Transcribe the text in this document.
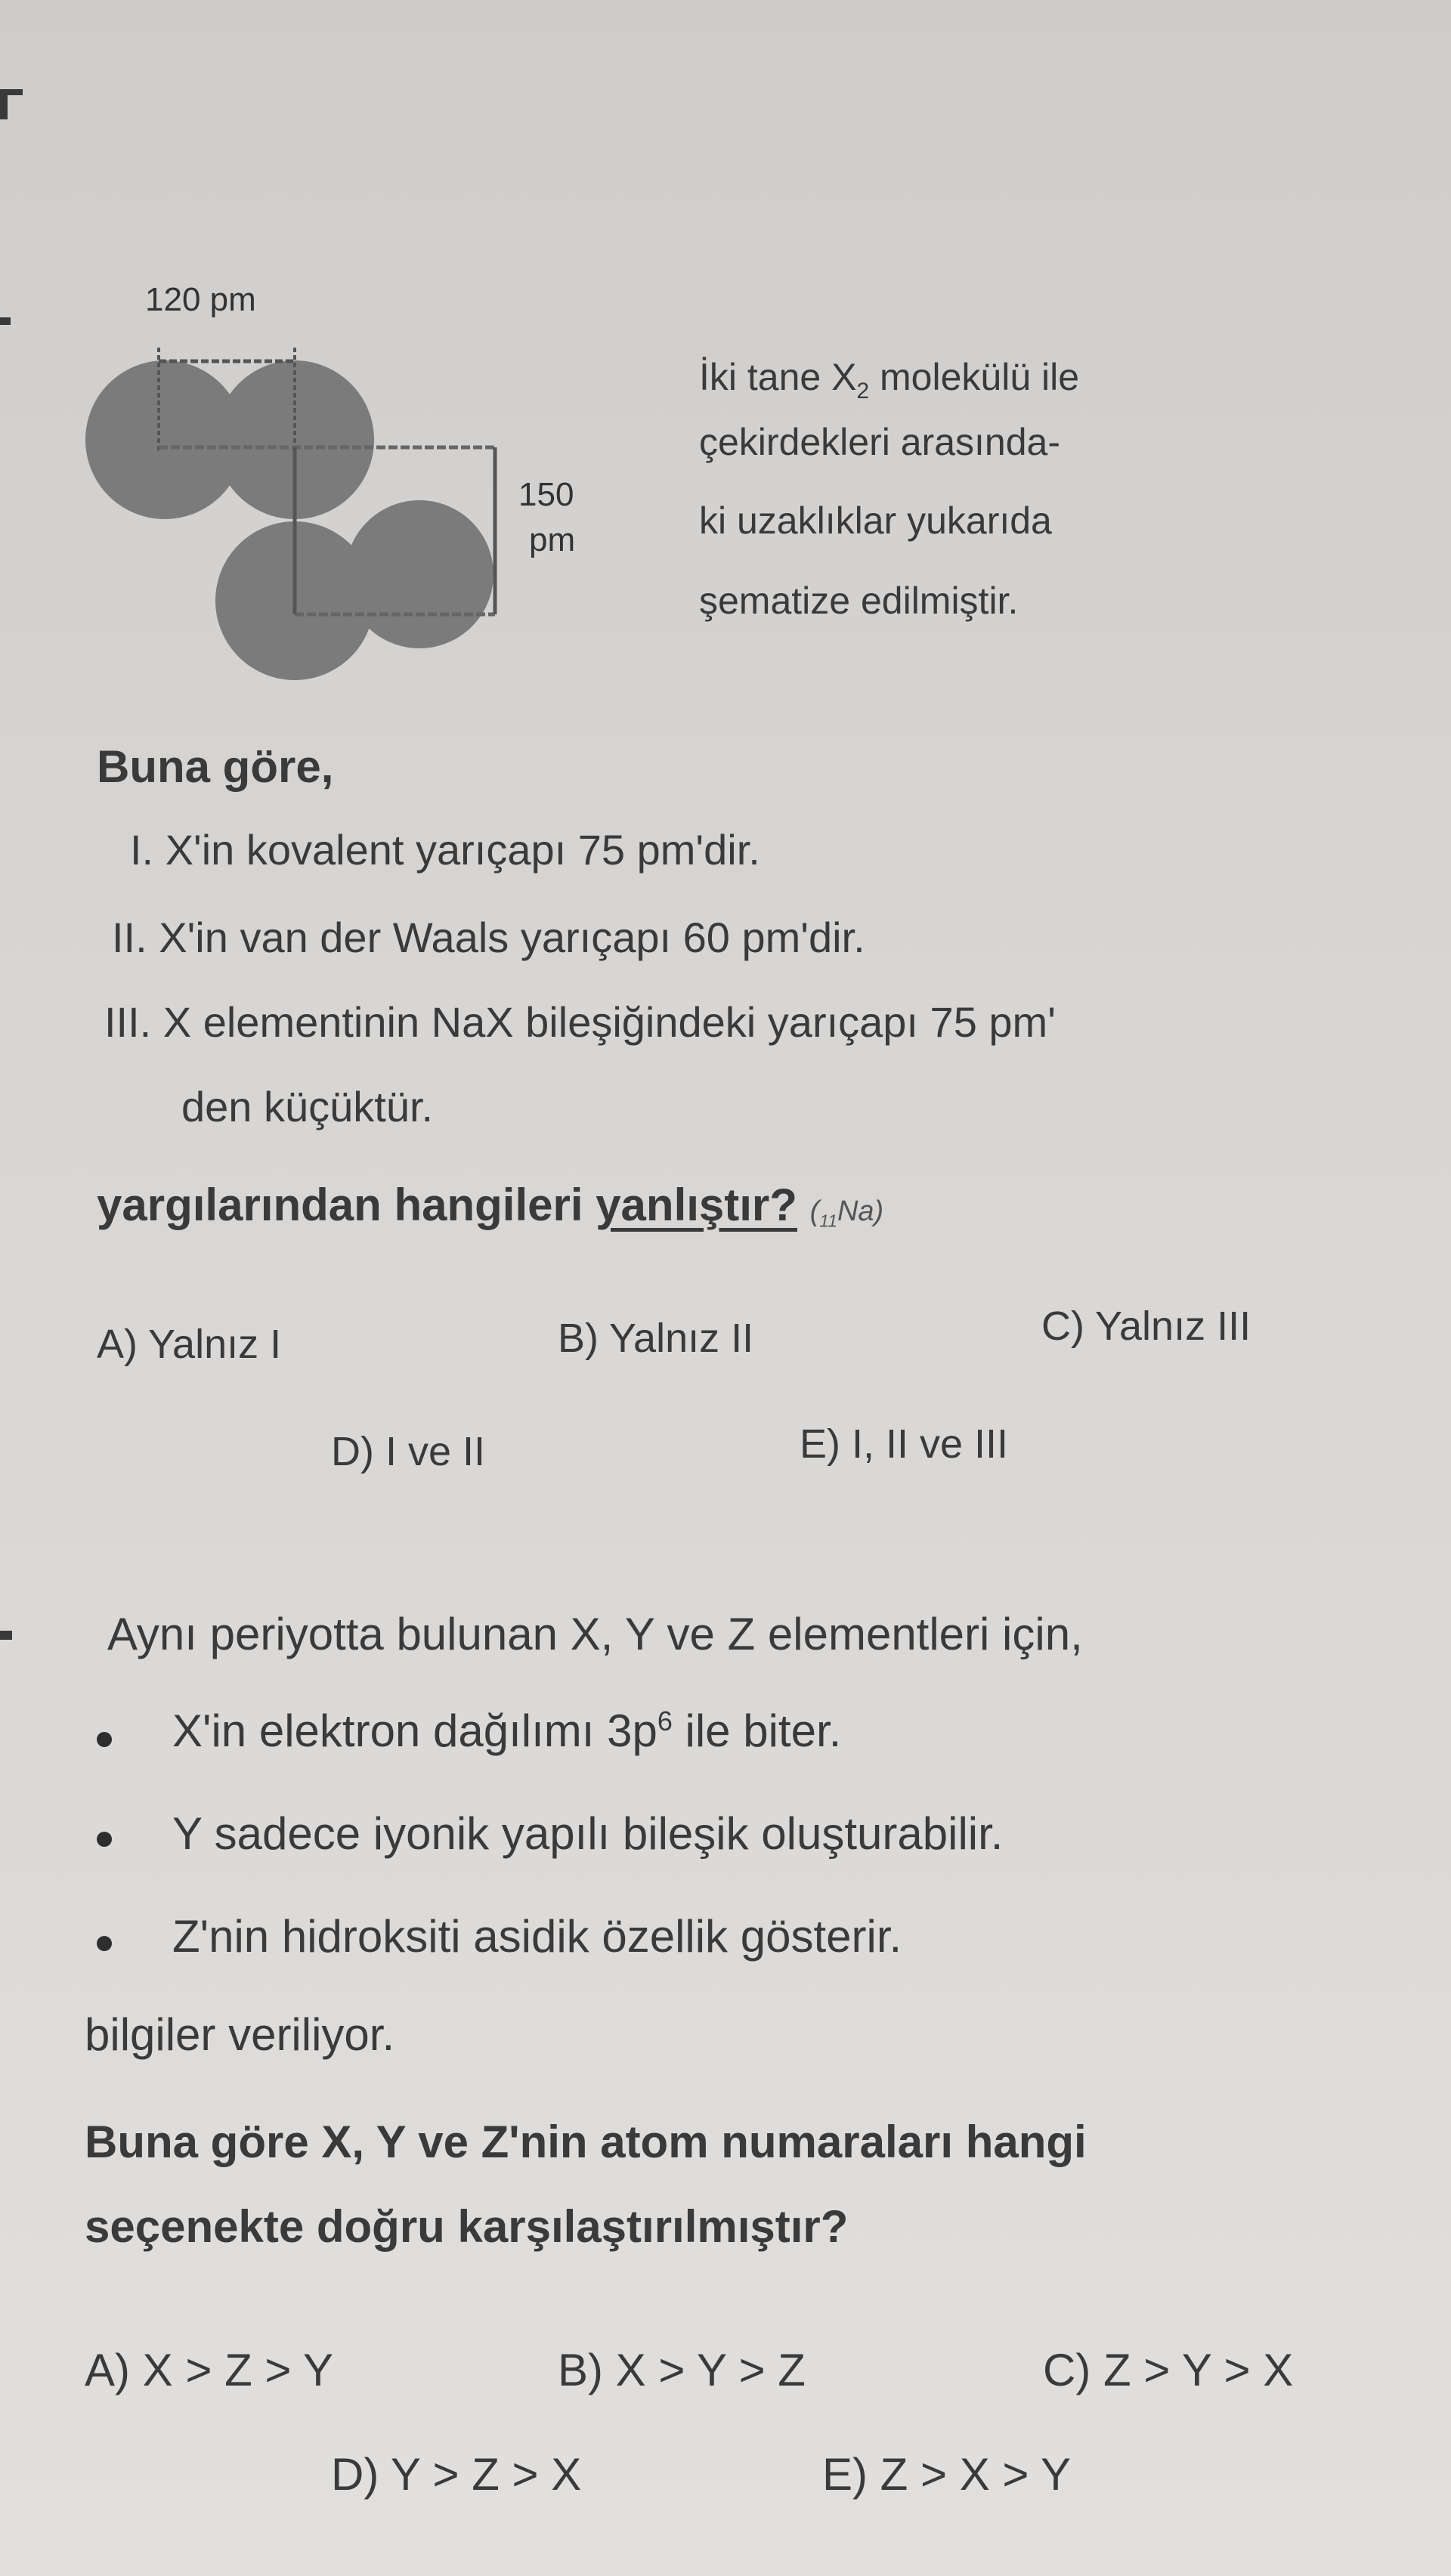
120 pm
150
pm
İki tane $X_2$ molekülü ile
çekirdekleri arasında-
ki uzaklıklar yukarıda
şematize edilmiştir.
Buna göre,
I. X'in kovalent yarıçapı 75 pm'dir.
II. X'in van der Waals yarıçapı 60 pm'dir.
III. X elementinin NaX bileşiğindeki yarıçapı 75 pm'
den küçüktür.
yargılarından hangileri yanlıştır? $(_{11}Na)$
A) Yalnız I	B) Yalnız II	C) Yalnız III
D) I ve II	E) I, II ve III
Aynı periyotta bulunan X, Y ve Z elementleri için,
X'in elektron dağılımı $3p^6$ ile biter.
Y sadece iyonik yapılı bileşik oluşturabilir.
Z'nin hidroksiti asidik özellik gösterir.
bilgiler veriliyor.
Buna göre X, Y ve Z'nin atom numaraları hangi
seçenekte doğru karşılaştırılmıştır?
A) X > Z > Y	B) X > Y > Z	C) Z > Y > X
D) Y > Z > X	E) Z > X > Y
